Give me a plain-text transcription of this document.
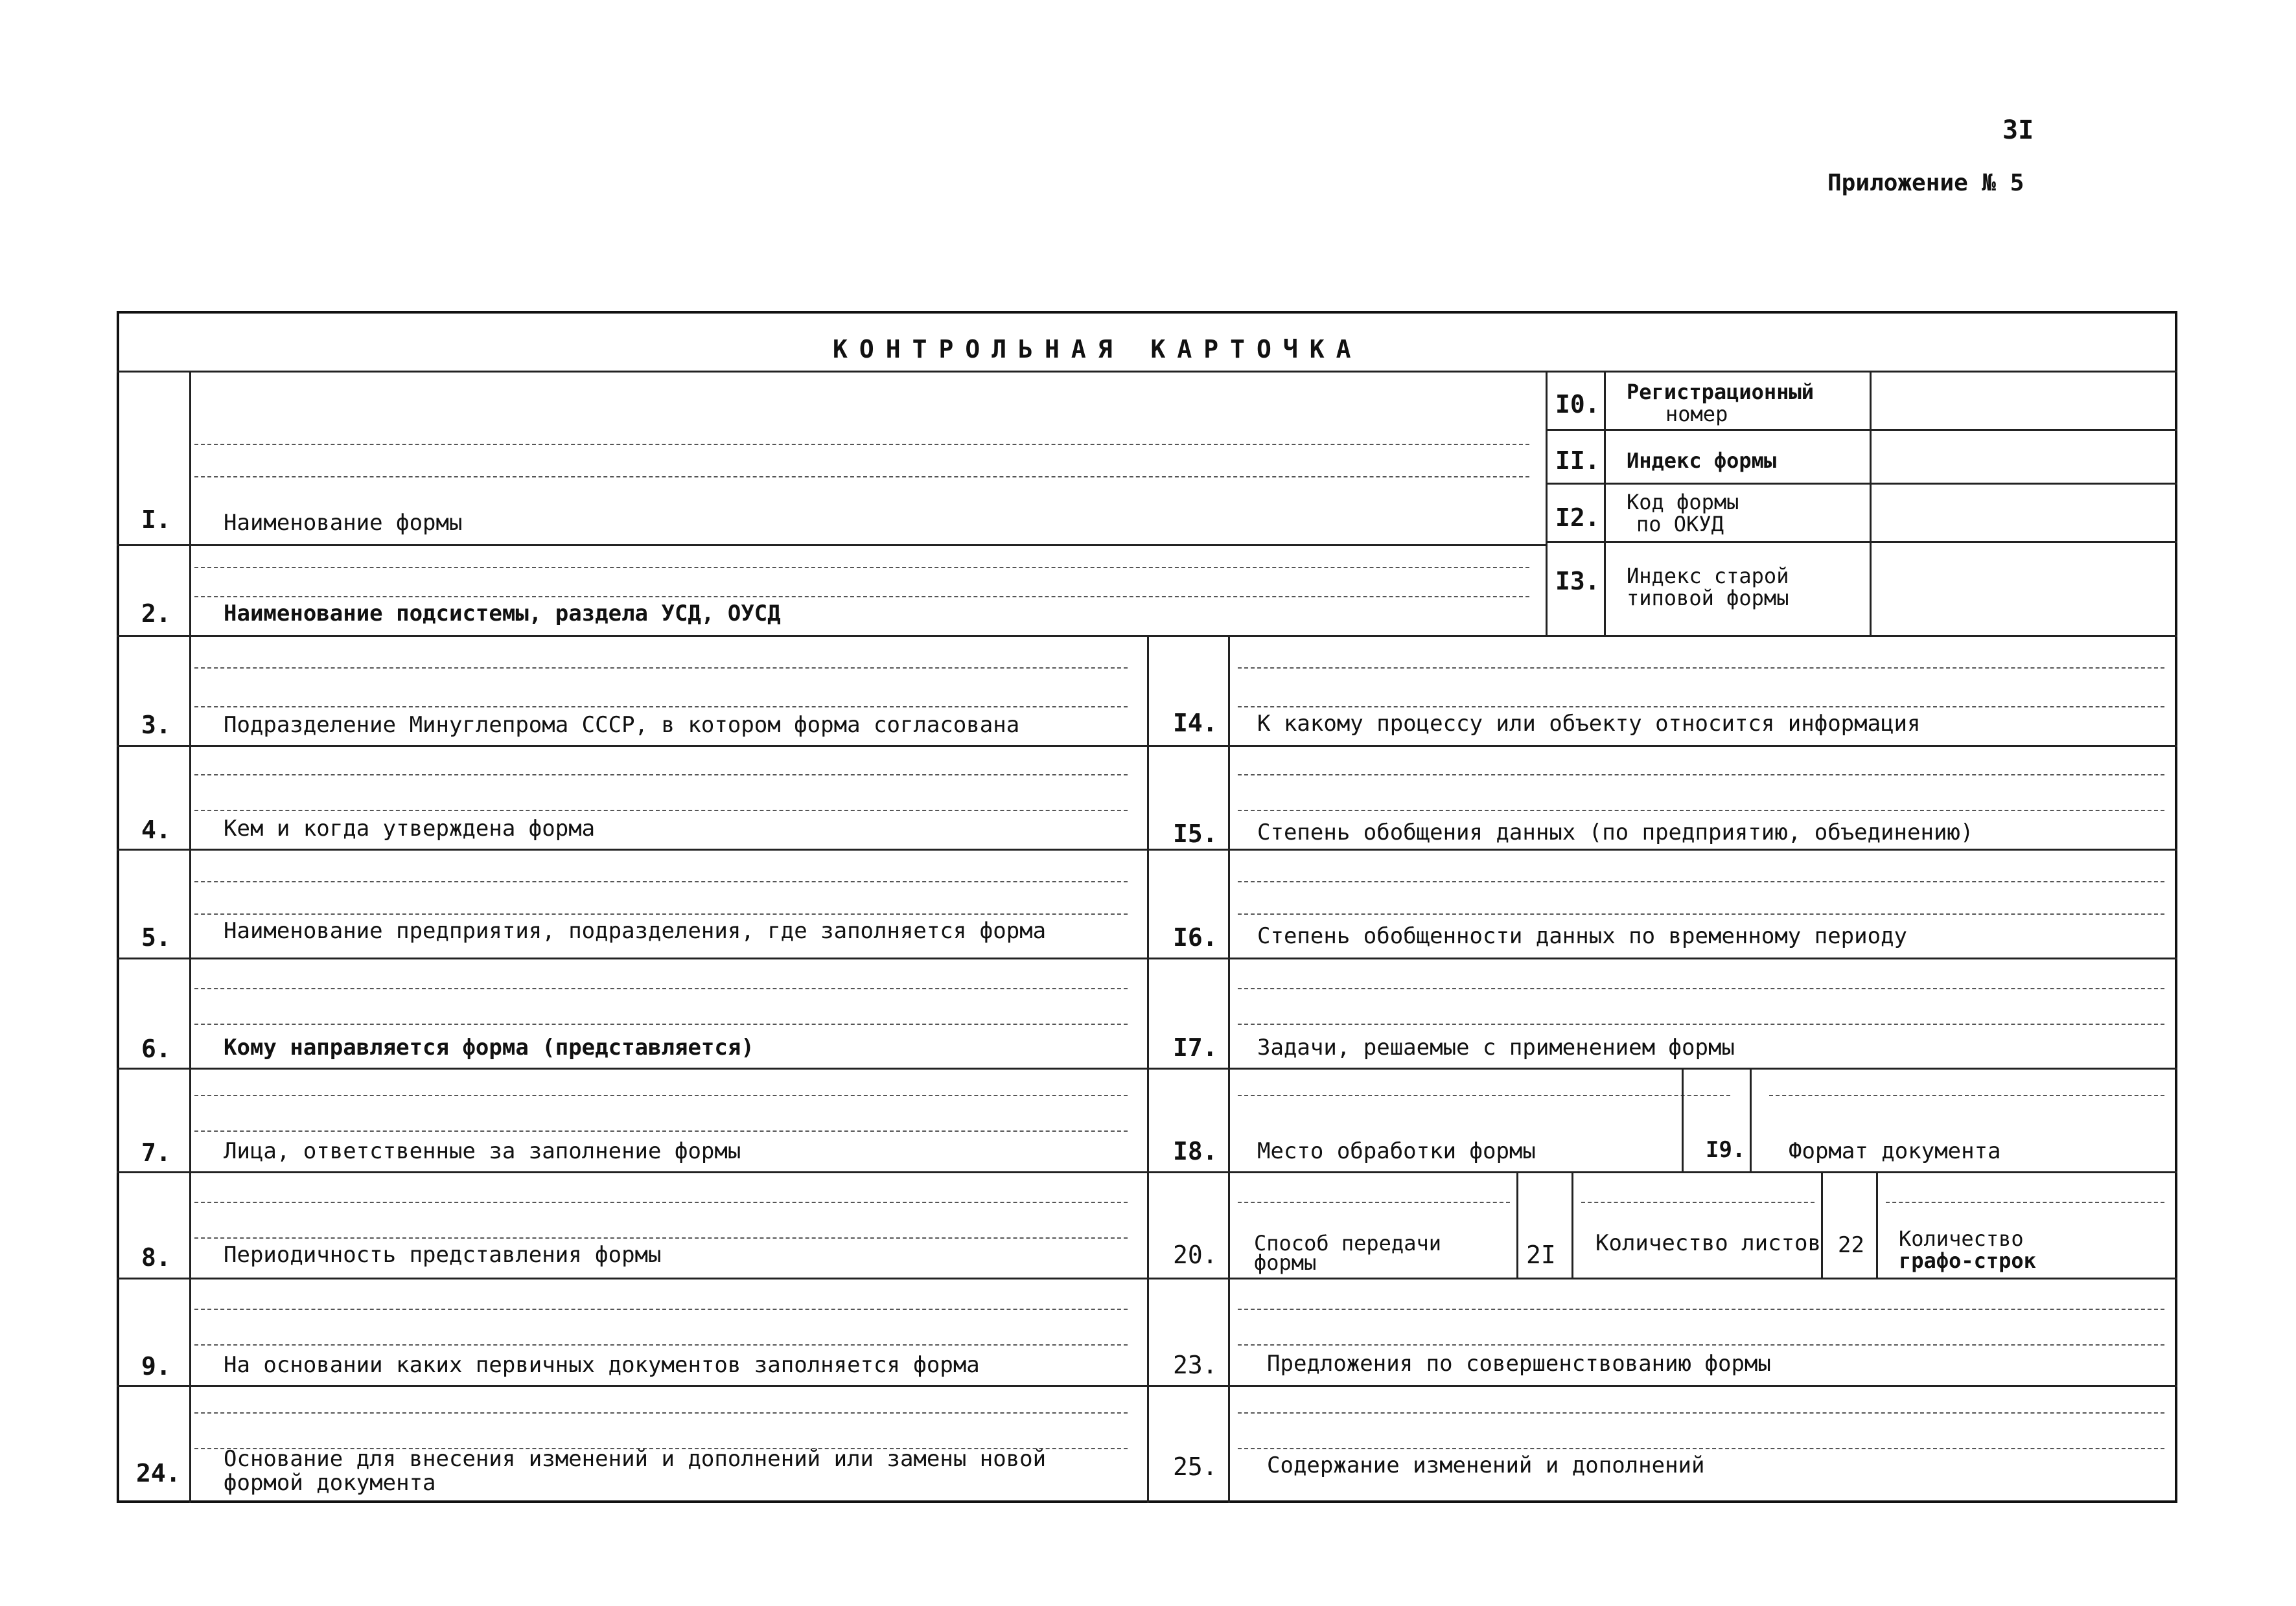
3I
Приложение № 5
КОНТРОЛЬНАЯ КАРТОЧКА
I. Наименование формы
2. Наименование подсистемы, раздела УСД, ОУСД
3. Подразделение Минуглепрома СССР, в котором форма согласована
4. Кем и когда утверждена форма
5. Наименование предприятия, подразделения, где заполняется форма
6. Кому направляется форма (представляется)
7. Лица, ответственные за заполнение формы
8. Периодичность представления формы
9. На основании каких первичных документов заполняется форма
24. Основание для внесения изменений и дополнений или замены новой
формой документа
I0. Регистрационный
номер
II. Индекс формы
I2.
Код формы
по ОКУД
I3. Индекс старой
типовой формы
I4. К какому процессу или объекту относится информация
I5. Степень обобщения данных (по предприятию, объединению)
I6. Степень обобщенности данных по временному периоду
I7. Задачи, решаемые с применением формы
I8. Место обработки формы	I9. Формат документа
20. Способ передачи
формы	2I Количество листов 22 Количество
графо-строк
23. Предложения по совершенствованию формы
25. Содержание изменений и дополнений
